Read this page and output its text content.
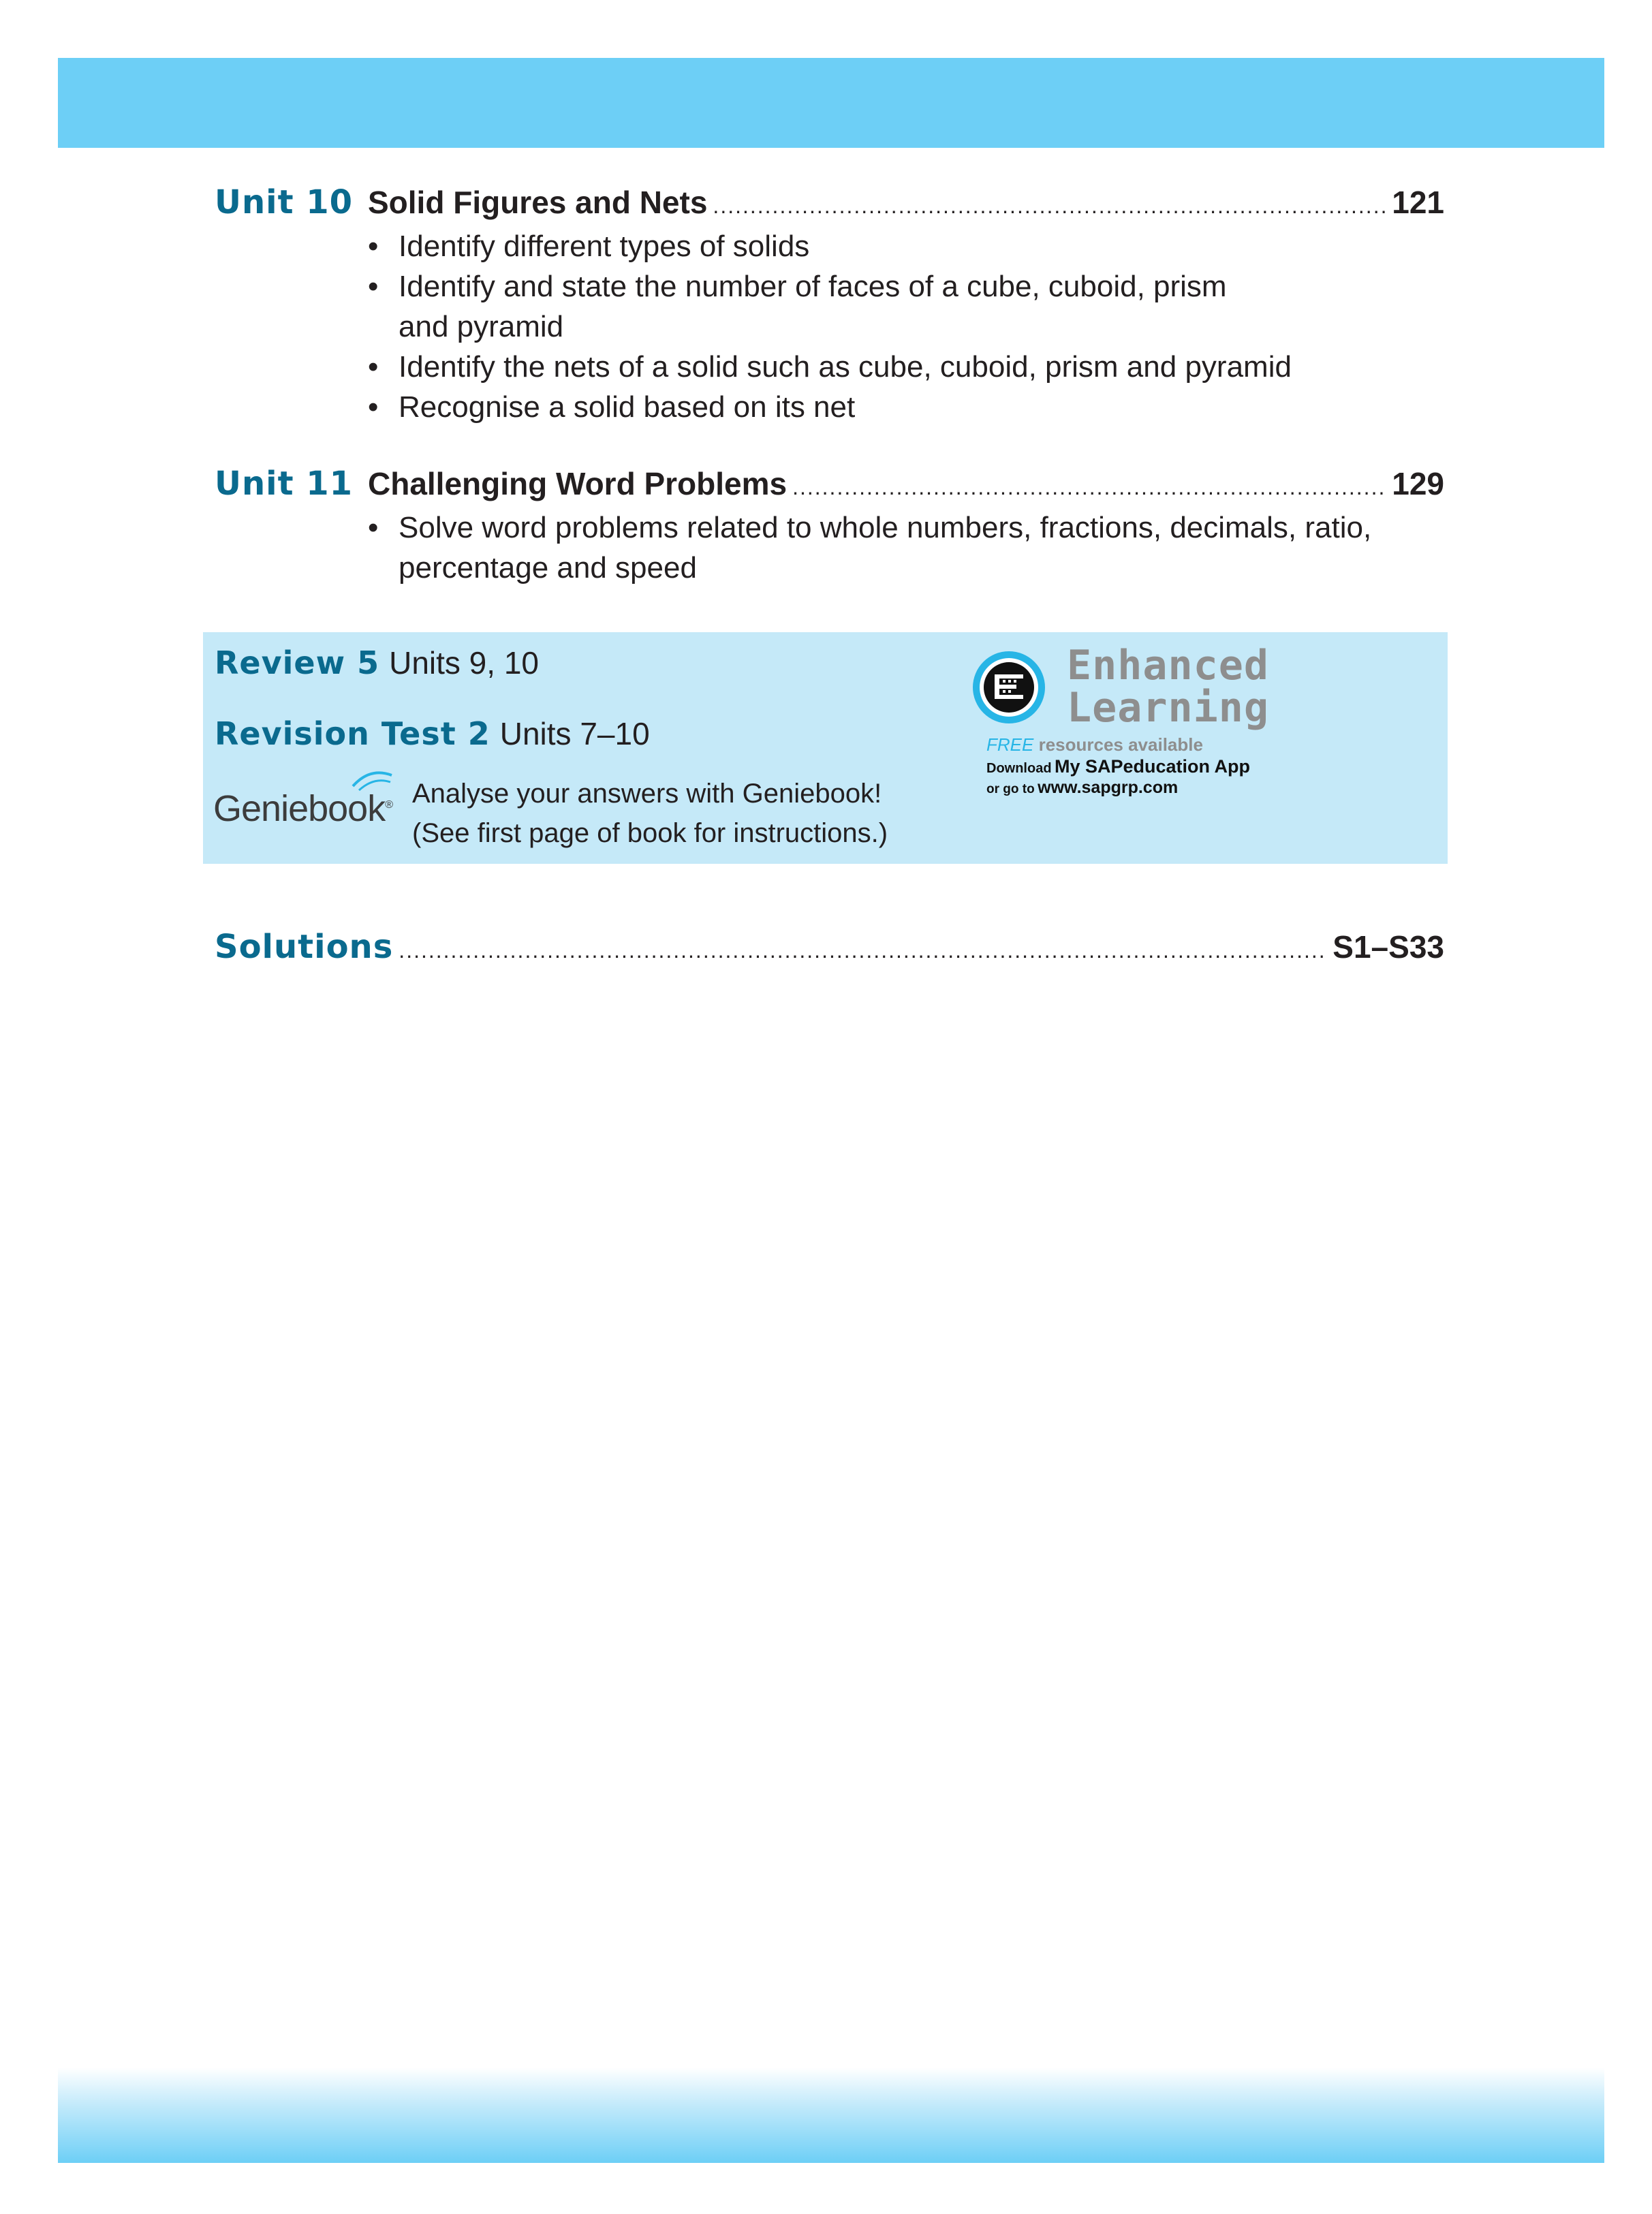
Unit 10 Solid Figures and Nets .....	121
• Identify different types of solids
• Identify and state the number of faces of a cube, cuboid, prism
and pyramid
• Identify the nets of a solid such as cube, cuboid, prism and pyramid
• Recognise a solid based on its net
Unit 11 Challenging Word Problems .....	129
• Solve word problems related to whole numbers, fractions, decimals, ratio,
percentage and speed
Review 5 Units 9, 10
Revision Test 2 Units 7–10
Geniebook® Analyse your answers with Geniebook!
(See first page of book for instructions.)
Enhanced
Learning
FREE resources available
Download My SAPeducation App
or go to www.sapgrp.com
Solutions .....	S1–S33
